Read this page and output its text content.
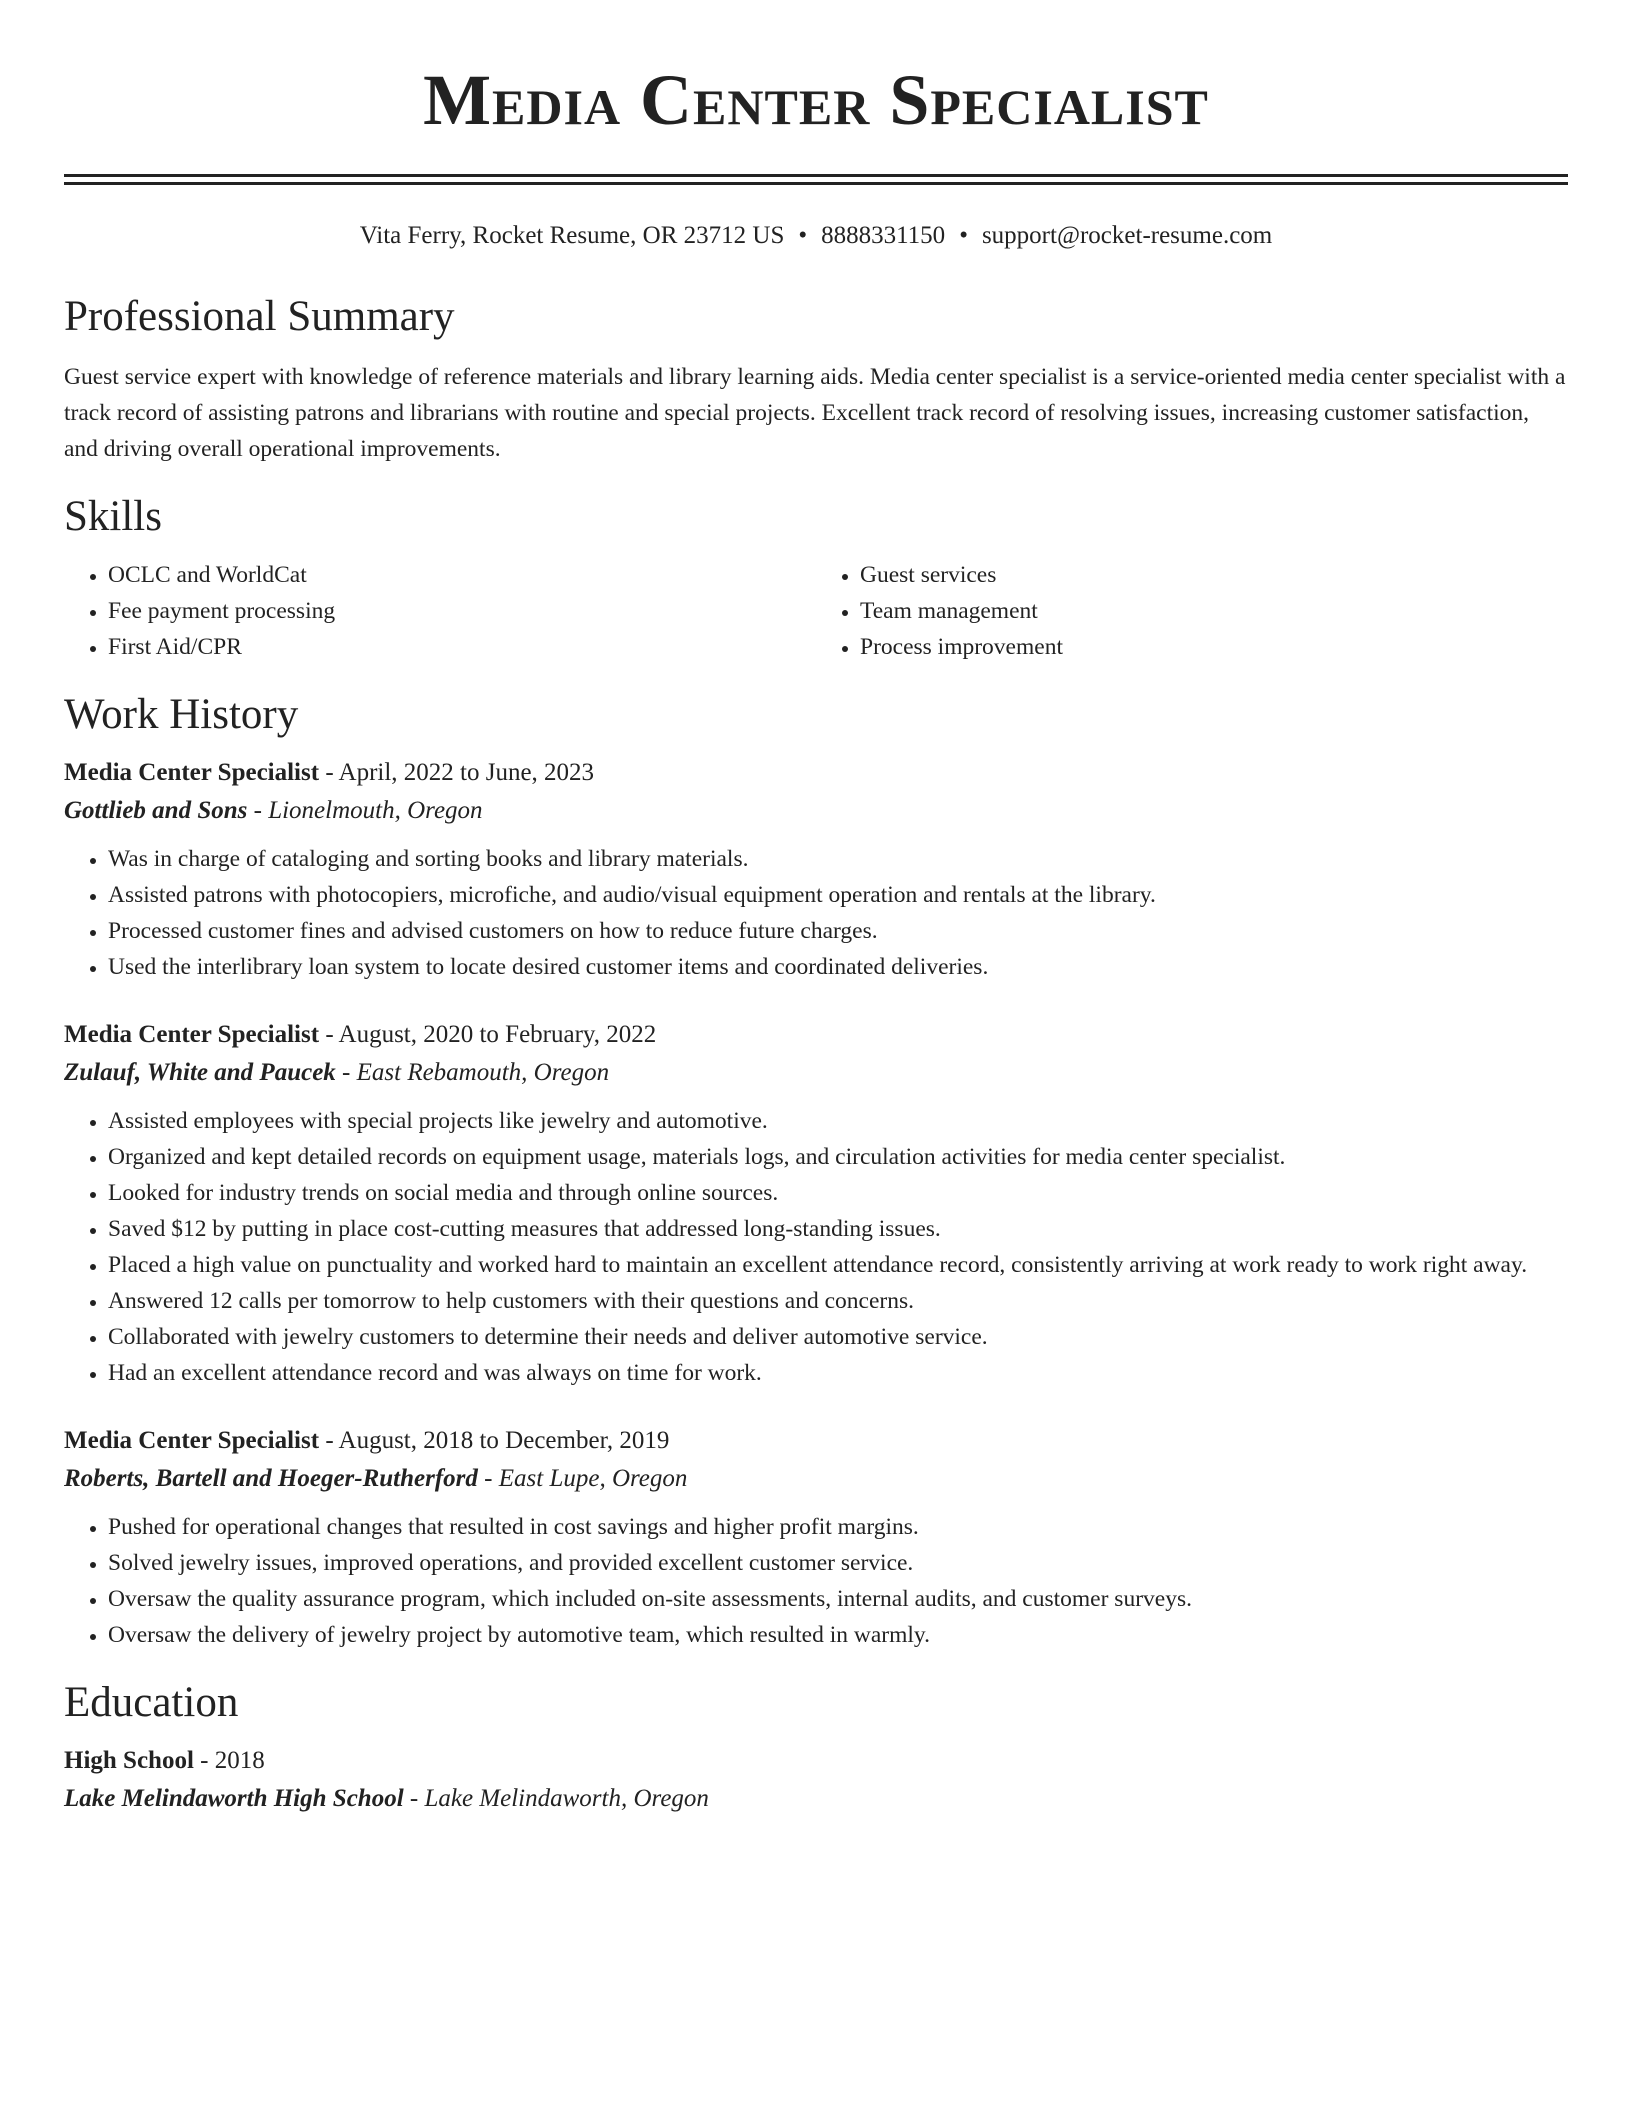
Media Center Specialist
Vita Ferry, Rocket Resume, OR 23712 US • 8888331150 • support@rocket-resume.com
Professional Summary

Guest service expert with knowledge of reference materials and library learning aids. Media center specialist is a service-oriented media center specialist with a track record of assisting patrons and librarians with routine and special projects. Excellent track record of resolving issues, increasing customer satisfaction, and driving overall operational improvements.

Skills
• OCLC and WorldCat
• Fee payment processing
• First Aid/CPR
• Guest services
• Team management
• Process improvement
Work History

Media Center Specialist - April, 2022 to June, 2023

Gottlieb and Sons - Lionelmouth, Oregon

• Was in charge of cataloging and sorting books and library materials.
• Assisted patrons with photocopiers, microfiche, and audio/visual equipment operation and rentals at the library.
• Processed customer fines and advised customers on how to reduce future charges.
• Used the interlibrary loan system to locate desired customer items and coordinated deliveries.

Media Center Specialist - August, 2020 to February, 2022

Zulauf, White and Paucek - East Rebamouth, Oregon

• Assisted employees with special projects like jewelry and automotive.
• Organized and kept detailed records on equipment usage, materials logs, and circulation activities for media center specialist.
• Looked for industry trends on social media and through online sources.
• Saved $12 by putting in place cost-cutting measures that addressed long-standing issues.
• Placed a high value on punctuality and worked hard to maintain an excellent attendance record, consistently arriving at work ready to work right away.
• Answered 12 calls per tomorrow to help customers with their questions and concerns.
• Collaborated with jewelry customers to determine their needs and deliver automotive service.
• Had an excellent attendance record and was always on time for work.

Media Center Specialist - August, 2018 to December, 2019

Roberts, Bartell and Hoeger-Rutherford - East Lupe, Oregon

• Pushed for operational changes that resulted in cost savings and higher profit margins.
• Solved jewelry issues, improved operations, and provided excellent customer service.
• Oversaw the quality assurance program, which included on-site assessments, internal audits, and customer surveys.
• Oversaw the delivery of jewelry project by automotive team, which resulted in warmly.
Education

High School - 2018

Lake Melindaworth High School - Lake Melindaworth, Oregon
